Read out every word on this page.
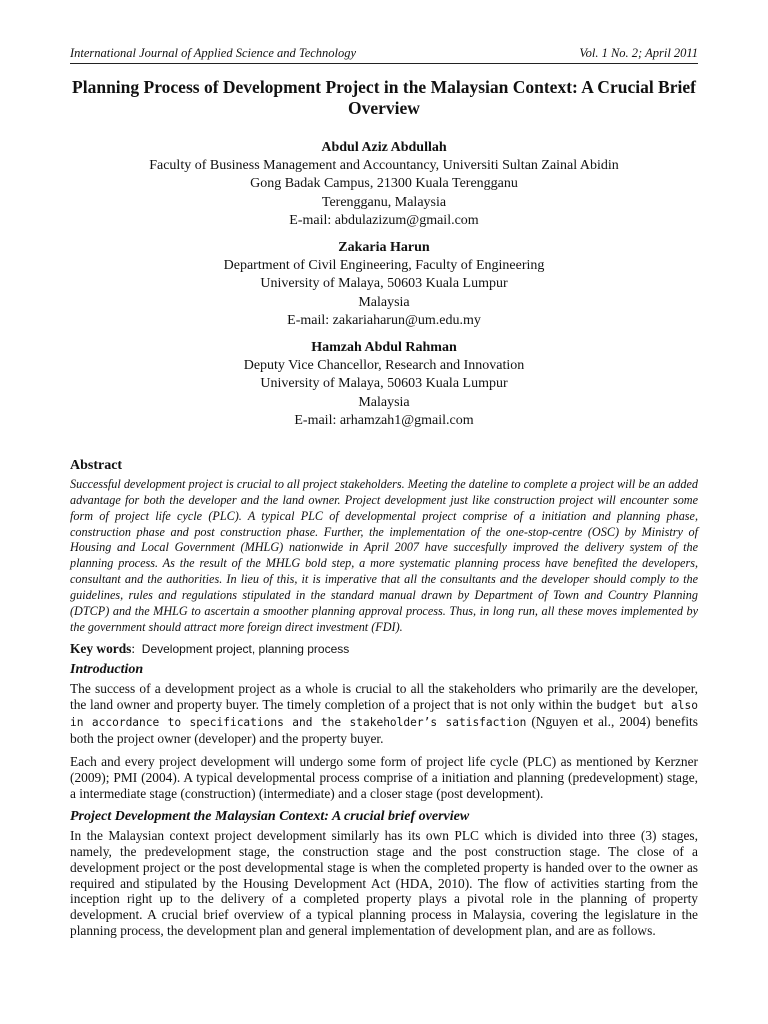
International Journal of Applied Science and Technology	Vol. 1 No. 2; April 2011
Planning Process of Development Project in the Malaysian Context: A Crucial Brief Overview
Abdul Aziz Abdullah
Faculty of Business Management and Accountancy, Universiti Sultan Zainal Abidin
Gong Badak Campus, 21300 Kuala Terengganu
Terengganu, Malaysia
E-mail: abdulazizum@gmail.com
Zakaria Harun
Department of Civil Engineering, Faculty of Engineering
University of Malaya, 50603 Kuala Lumpur
Malaysia
E-mail: zakariaharun@um.edu.my
Hamzah Abdul Rahman
Deputy Vice Chancellor, Research and Innovation
University of Malaya, 50603 Kuala Lumpur
Malaysia
E-mail: arhamzah1@gmail.com
Abstract

Successful development project is crucial to all project stakeholders. Meeting the dateline to complete a project will be an added advantage for both the developer and the land owner. Project development just like construction project will encounter some form of project life cycle (PLC). A typical PLC of developmental project comprise of a initiation and planning phase, construction phase and post construction phase. Further, the implementation of the one-stop-centre (OSC) by Ministry of Housing and Local Government (MHLG) nationwide in April 2007 have succesfully improved the delivery system of the planning process. As the result of the MHLG bold step, a more systematic planning process have benefited the developers, consultant and the authorities. In lieu of this, it is imperative that all the consultants and the developer should comply to the guidelines, rules and regulations stipulated in the standard manual drawn by Department of Town and Country Planning (DTCP) and the MHLG to ascertain a smoother planning approval process. Thus, in long run, all these moves implemented by the government should attract more foreign direct investment (FDI).

Key words:  Development project, planning process
Introduction

The success of a development project as a whole is crucial to all the stakeholders who primarily are the developer, the land owner and property buyer. The timely completion of a project that is not only within the budget but also in accordance to specifications and the stakeholder’s satisfaction (Nguyen et al., 2004) benefits both the project owner (developer) and the property buyer.

Each and every project development will undergo some form of project life cycle (PLC) as mentioned by Kerzner (2009); PMI (2004). A typical developmental process comprise of a initiation and planning (predevelopment) stage, a intermediate stage (construction) (intermediate) and a closer stage (post development).

Project Development the Malaysian Context: A crucial brief overview

In the Malaysian context project development similarly has its own PLC which is divided into three (3) stages, namely, the predevelopment stage, the construction stage and the post construction stage. The close of a development project or the post developmental stage is when the completed property is handed over to the owner as required and stipulated by the Housing Development Act (HDA, 2010). The flow of activities starting from the inception right up to the delivery of a completed property plays a pivotal role in the planning of property development. A crucial brief overview of a typical planning process in Malaysia, covering the legislature in the planning process, the development plan and general implementation of development plan, and are as follows.
